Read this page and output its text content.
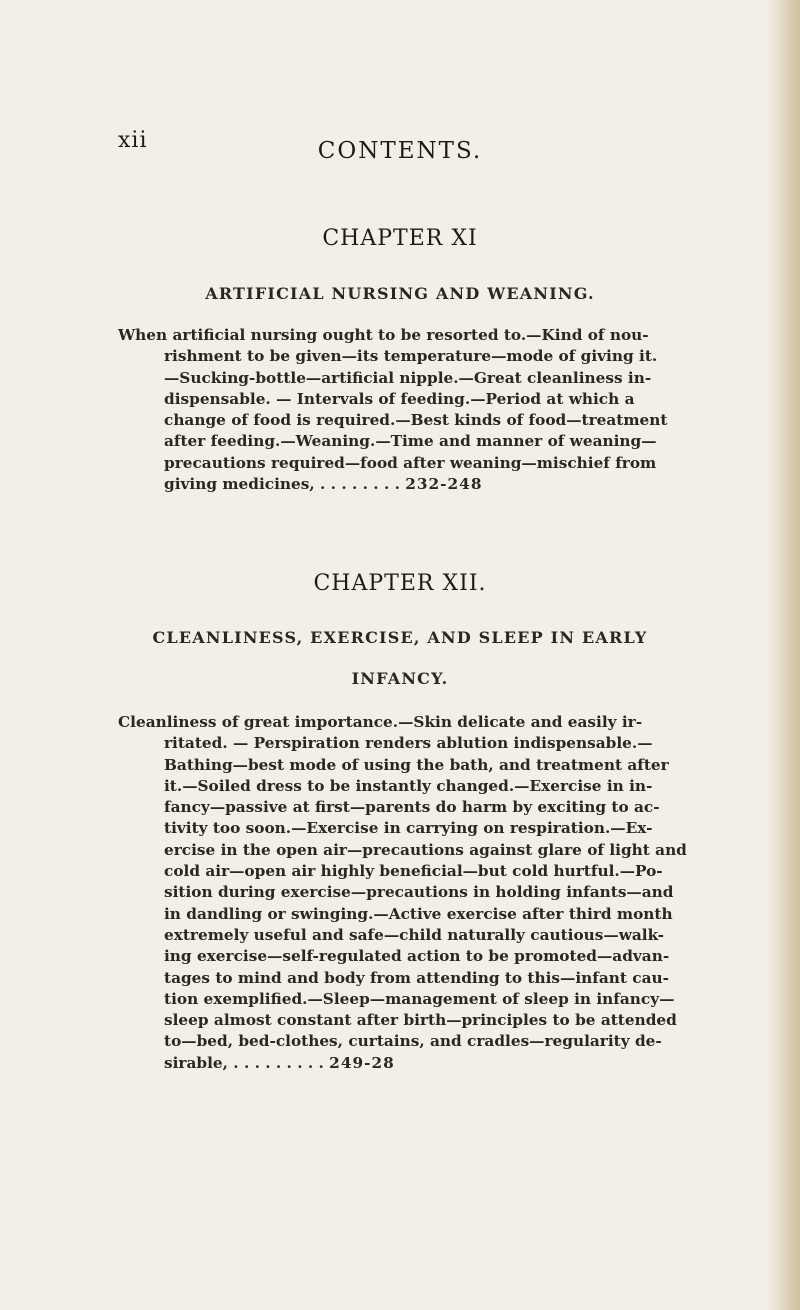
xii	CONTENTS.
CHAPTER XI
ARTIFICIAL NURSING AND WEANING.
When artificial nursing ought to be resorted to.—Kind of nou-
rishment to be given—its temperature—mode of giving it.
—Sucking-bottle—artificial nipple.—Great cleanliness in-
dispensable. — Intervals of feeding.—Period at which a
change of food is required.—Best kinds of food—treatment
after feeding.—Weaning.—Time and manner of weaning—
precautions required—food after weaning—mischief from
giving medicines, . . . . . . . . 232-248
CHAPTER XII.
CLEANLINESS, EXERCISE, AND SLEEP IN EARLY
INFANCY.
Cleanliness of great importance.—Skin delicate and easily ir-
ritated. — Perspiration renders ablution indispensable.—
Bathing—best mode of using the bath, and treatment after
it.—Soiled dress to be instantly changed.—Exercise in in-
fancy—passive at first—parents do harm by exciting to ac-
tivity too soon.—Exercise in carrying on respiration.—Ex-
ercise in the open air—precautions against glare of light and
cold air—open air highly beneficial—but cold hurtful.—Po-
sition during exercise—precautions in holding infants—and
in dandling or swinging.—Active exercise after third month
extremely useful and safe—child naturally cautious—walk-
ing exercise—self-regulated action to be promoted—advan-
tages to mind and body from attending to this—infant cau-
tion exemplified.—Sleep—management of sleep in infancy—
sleep almost constant after birth—principles to be attended
to—bed, bed-clothes, curtains, and cradles—regularity de-
sirable, . . . . . . . . . 249-28
